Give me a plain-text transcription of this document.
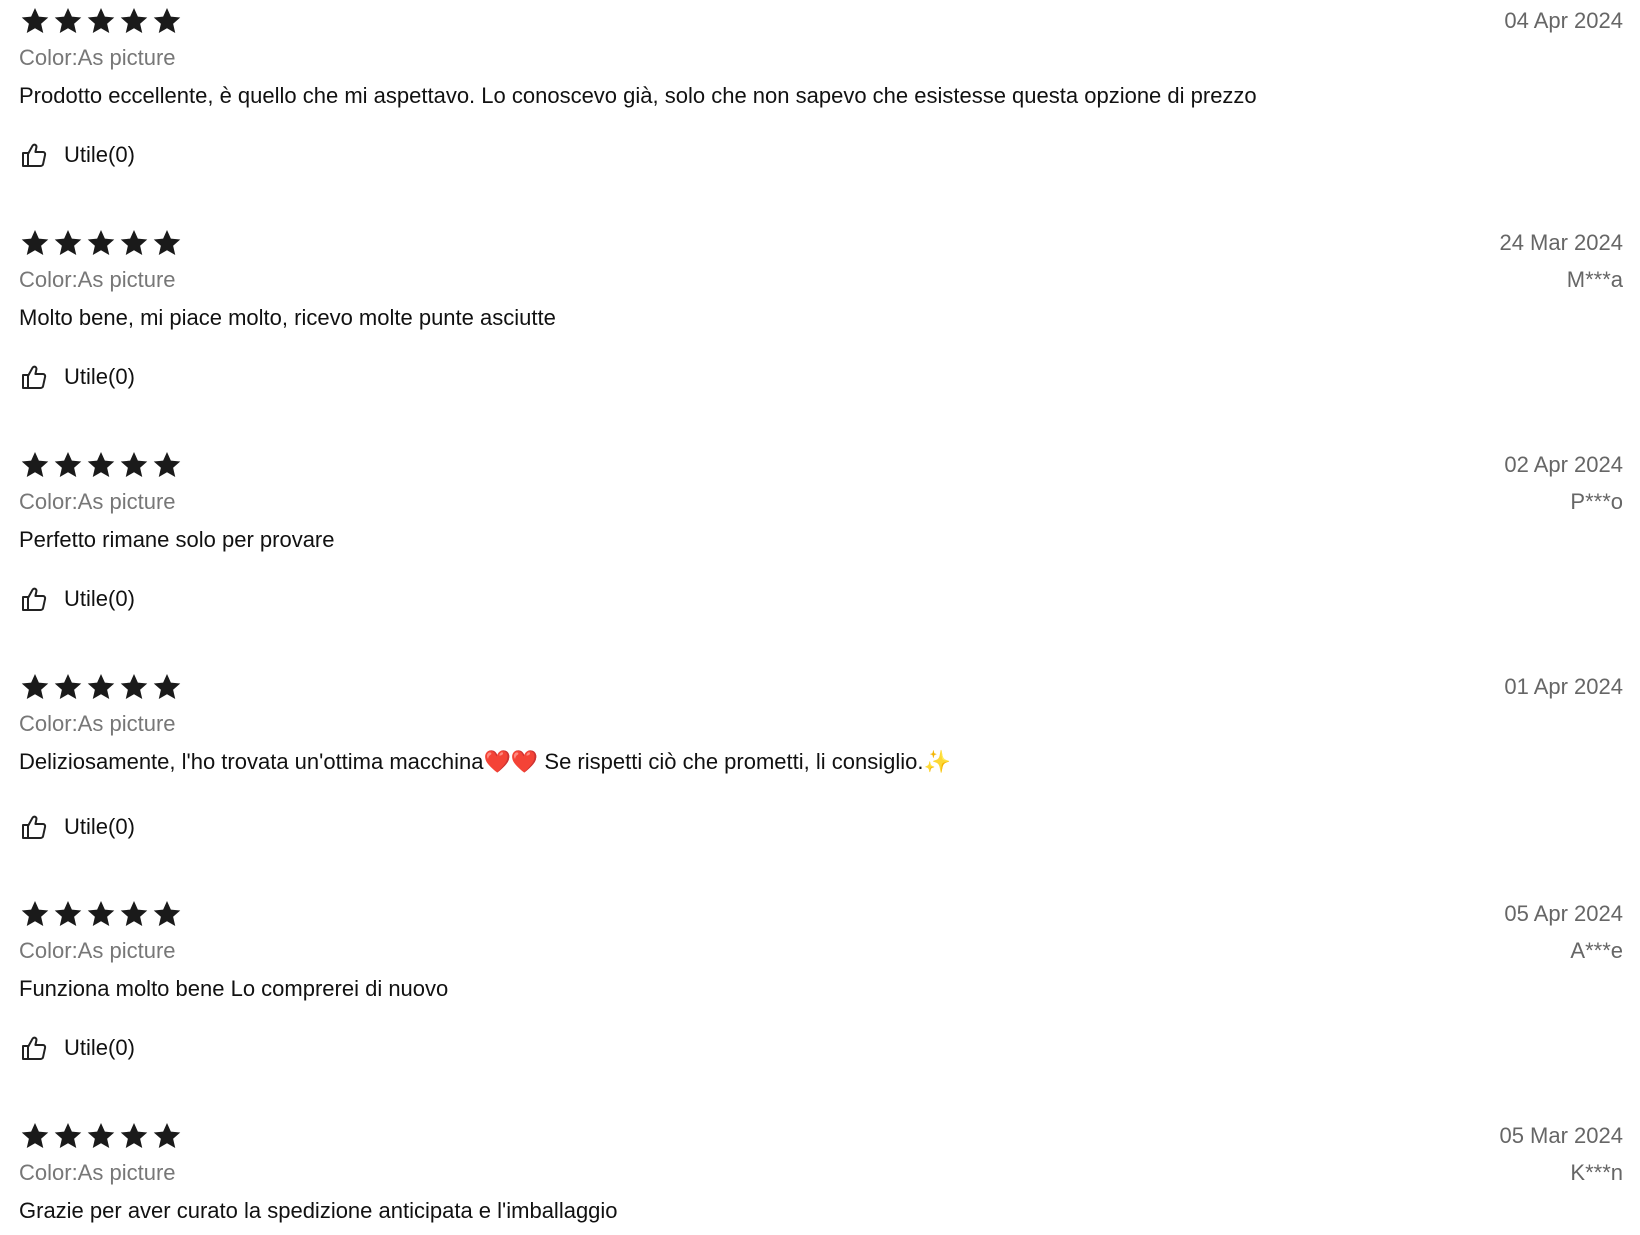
04 Apr 2024
Color:As picture
Prodotto eccellente, è quello che mi aspettavo. Lo conoscevo già, solo che non sapevo che esistesse questa opzione di prezzo
Utile(0)
24 Mar 2024
M***a
Color:As picture
Molto bene, mi piace molto, ricevo molte punte asciutte
Utile(0)
02 Apr 2024
P***o
Color:As picture
Perfetto rimane solo per provare
Utile(0)
01 Apr 2024
Color:As picture
Deliziosamente, l'ho trovata un'ottima macchina❤️❤️ Se rispetti ciò che prometti, li consiglio.✨
Utile(0)
05 Apr 2024
A***e
Color:As picture
Funziona molto bene Lo comprerei di nuovo
Utile(0)
05 Mar 2024
K***n
Color:As picture
Grazie per aver curato la spedizione anticipata e l'imballaggio
